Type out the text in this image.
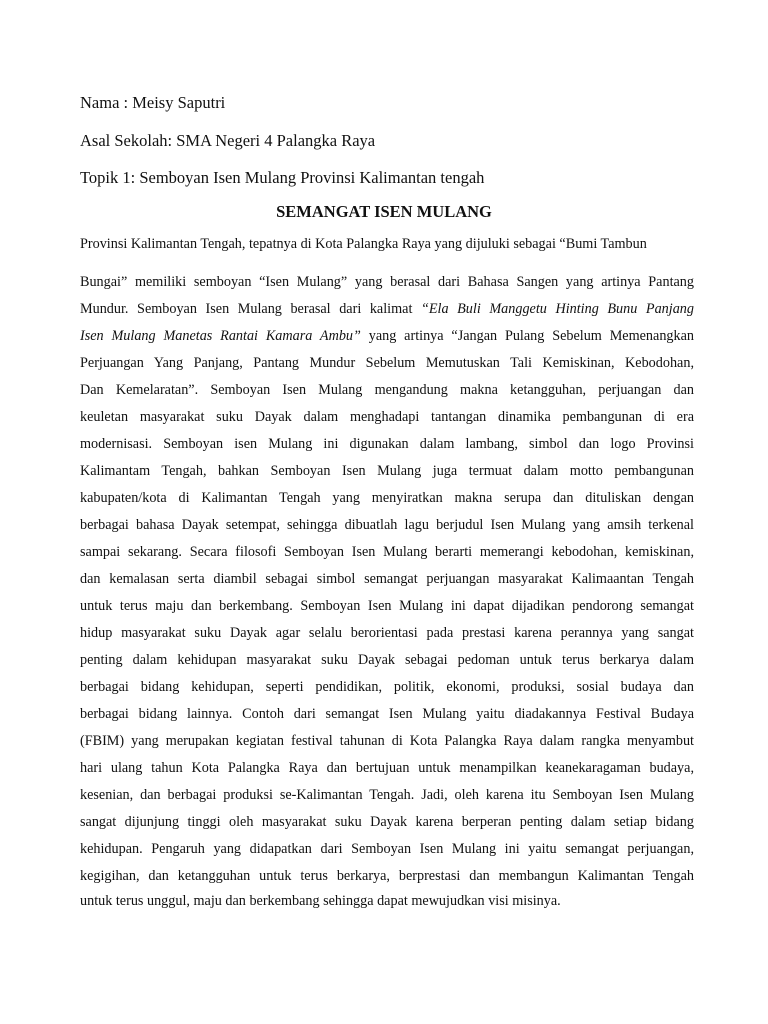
Nama : Meisy Saputri
Asal Sekolah: SMA Negeri 4 Palangka Raya
Topik 1: Semboyan Isen Mulang Provinsi Kalimantan tengah
SEMANGAT ISEN MULANG
Provinsi Kalimantan Tengah, tepatnya di Kota Palangka Raya yang dijuluki sebagai “Bumi Tambun
Bungai” memiliki semboyan “Isen Mulang” yang berasal dari Bahasa Sangen yang artinya Pantang
Mundur. Semboyan Isen Mulang berasal dari kalimat “Ela Buli Manggetu Hinting Bunu Panjang
Isen Mulang Manetas Rantai Kamara Ambu” yang artinya “Jangan Pulang Sebelum Memenangkan
Perjuangan Yang Panjang, Pantang Mundur Sebelum Memutuskan Tali Kemiskinan, Kebodohan,
Dan Kemelaratan”. Semboyan Isen Mulang mengandung makna ketangguhan, perjuangan dan
keuletan masyarakat suku Dayak dalam menghadapi tantangan dinamika pembangunan di era
modernisasi. Semboyan isen Mulang ini digunakan dalam lambang, simbol dan logo Provinsi
Kalimantam Tengah, bahkan Semboyan Isen Mulang juga termuat dalam motto pembangunan
kabupaten/kota di Kalimantan Tengah yang menyiratkan makna serupa dan dituliskan dengan
berbagai bahasa Dayak setempat, sehingga dibuatlah lagu berjudul Isen Mulang yang amsih terkenal
sampai sekarang. Secara filosofi Semboyan Isen Mulang berarti memerangi kebodohan, kemiskinan,
dan kemalasan serta diambil sebagai simbol semangat perjuangan masyarakat Kalimaantan Tengah
untuk terus maju dan berkembang. Semboyan Isen Mulang ini dapat dijadikan pendorong semangat
hidup masyarakat suku Dayak agar selalu berorientasi pada prestasi karena perannya yang sangat
penting dalam kehidupan masyarakat suku Dayak sebagai pedoman untuk terus berkarya dalam
berbagai bidang kehidupan, seperti pendidikan, politik, ekonomi, produksi, sosial budaya dan
berbagai bidang lainnya. Contoh dari semangat Isen Mulang yaitu diadakannya Festival Budaya
(FBIM) yang merupakan kegiatan festival tahunan di Kota Palangka Raya dalam rangka menyambut
hari ulang tahun Kota Palangka Raya dan bertujuan untuk menampilkan keanekaragaman budaya,
kesenian, dan berbagai produksi se-Kalimantan Tengah. Jadi, oleh karena itu Semboyan Isen Mulang
sangat dijunjung tinggi oleh masyarakat suku Dayak karena berperan penting dalam setiap bidang
kehidupan. Pengaruh yang didapatkan dari Semboyan Isen Mulang ini yaitu semangat perjuangan,
kegigihan, dan ketangguhan untuk terus berkarya, berprestasi dan membangun Kalimantan Tengah
untuk terus unggul, maju dan berkembang sehingga dapat mewujudkan visi misinya.
